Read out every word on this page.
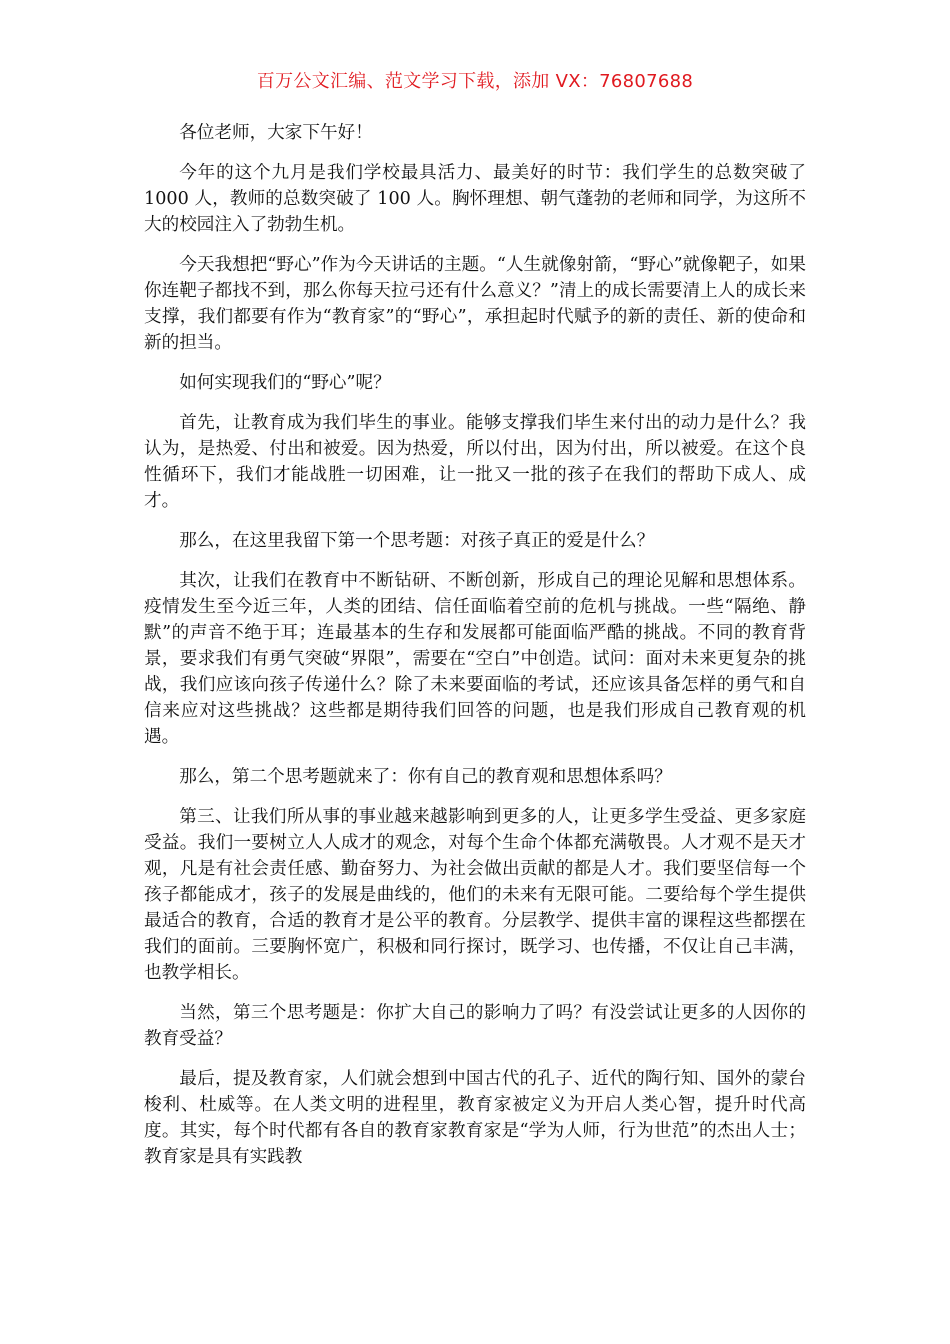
百万公文汇编、范文学习下载，添加 VX：76807688

各位老师，大家下午好！

今年的这个九月是我们学校最具活力、最美好的时节：我们学生的总数突破了 1000 人，教师的总数突破了 100 人。胸怀理想、朝气蓬勃的老师和同学，为这所不大的校园注入了勃勃生机。

今天我想把“野心”作为今天讲话的主题。“人生就像射箭，“野心”就像靶子，如果你连靶子都找不到，那么你每天拉弓还有什么意义？”清上的成长需要清上人的成长来支撑，我们都要有作为“教育家”的“野心”，承担起时代赋予的新的责任、新的使命和新的担当。

如何实现我们的“野心”呢？

首先，让教育成为我们毕生的事业。能够支撑我们毕生来付出的动力是什么？我认为，是热爱、付出和被爱。因为热爱，所以付出，因为付出，所以被爱。在这个良性循环下，我们才能战胜一切困难，让一批又一批的孩子在我们的帮助下成人、成才。

那么，在这里我留下第一个思考题：对孩子真正的爱是什么？

其次，让我们在教育中不断钻研、不断创新，形成自己的理论见解和思想体系。疫情发生至今近三年，人类的团结、信任面临着空前的危机与挑战。一些“隔绝、静默”的声音不绝于耳；连最基本的生存和发展都可能面临严酷的挑战。不同的教育背景，要求我们有勇气突破“界限”，需要在“空白”中创造。试问：面对未来更复杂的挑战，我们应该向孩子传递什么？除了未来要面临的考试，还应该具备怎样的勇气和自信来应对这些挑战？这些都是期待我们回答的问题，也是我们形成自己教育观的机遇。

那么，第二个思考题就来了：你有自己的教育观和思想体系吗？

第三、让我们所从事的事业越来越影响到更多的人，让更多学生受益、更多家庭受益。我们一要树立人人成才的观念，对每个生命个体都充满敬畏。人才观不是天才观，凡是有社会责任感、勤奋努力、为社会做出贡献的都是人才。我们要坚信每一个孩子都能成才，孩子的发展是曲线的，他们的未来有无限可能。二要给每个学生提供最适合的教育，合适的教育才是公平的教育。分层教学、提供丰富的课程这些都摆在我们的面前。三要胸怀宽广，积极和同行探讨，既学习、也传播，不仅让自己丰满，也教学相长。

当然，第三个思考题是：你扩大自己的影响力了吗？有没尝试让更多的人因你的教育受益？

最后，提及教育家，人们就会想到中国古代的孔子、近代的陶行知、国外的蒙台梭利、杜威等。在人类文明的进程里，教育家被定义为开启人类心智，提升时代高度。其实，每个时代都有各自的教育家教育家是“学为人师，行为世范”的杰出人士；教育家是具有实践教
